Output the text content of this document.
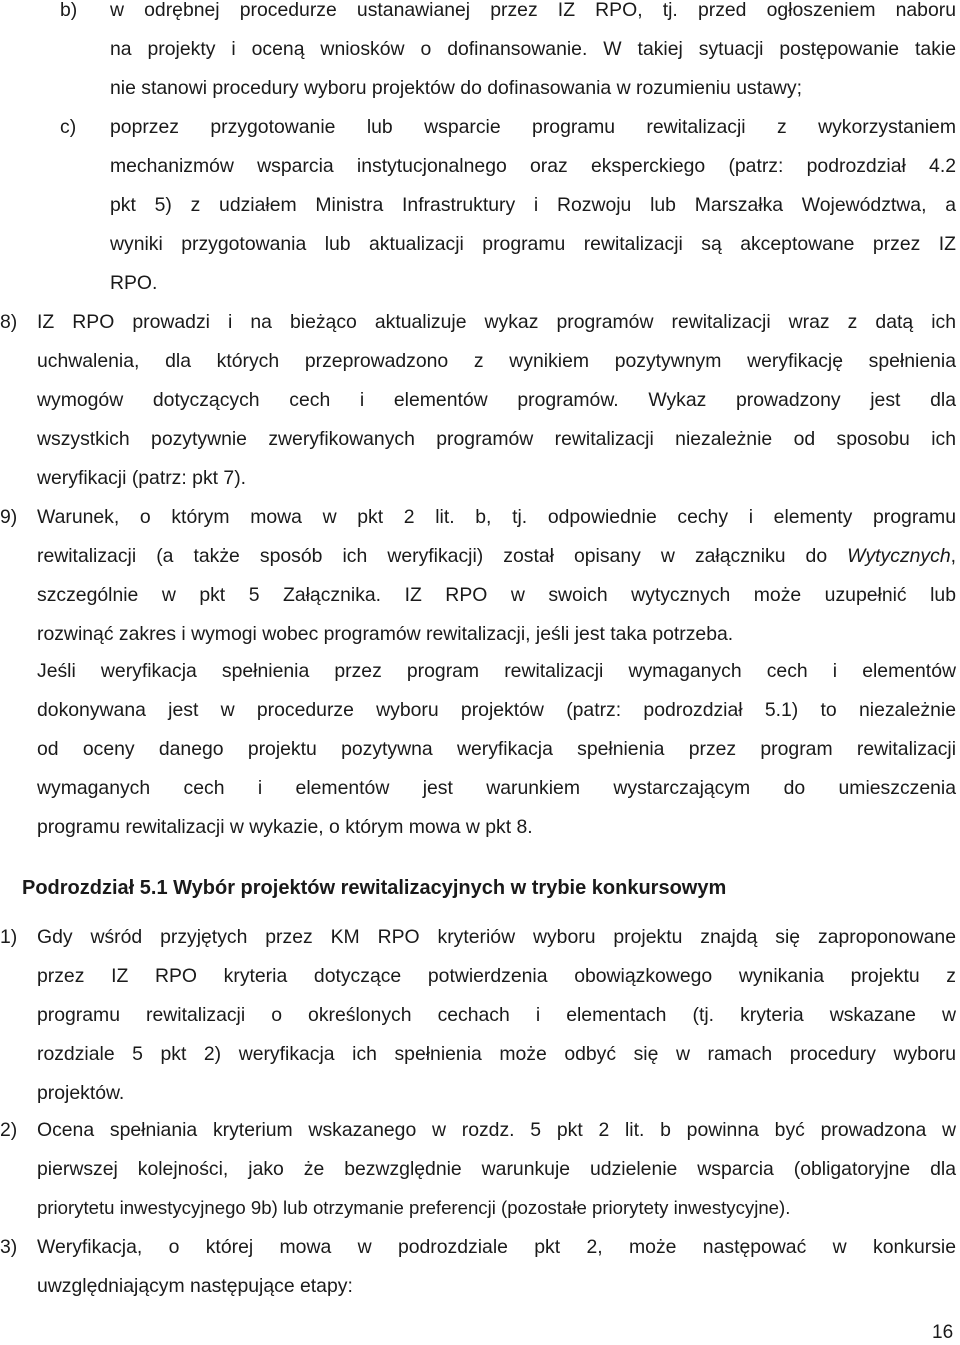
b) w odrębnej procedurze ustanawianej przez IZ RPO, tj. przed ogłoszeniem naboru
na projekty i oceną wniosków o dofinansowanie. W takiej sytuacji postępowanie takie
nie stanowi procedury wyboru projektów do dofinasowania w rozumieniu ustawy;
c) poprzez przygotowanie lub wsparcie programu rewitalizacji z wykorzystaniem
mechanizmów wsparcia instytucjonalnego oraz eksperckiego (patrz: podrozdział 4.2
pkt 5) z udziałem Ministra Infrastruktury i Rozwoju lub Marszałka Województwa, a
wyniki przygotowania lub aktualizacji programu rewitalizacji są akceptowane przez IZ
RPO.
8) IZ RPO prowadzi i na bieżąco aktualizuje wykaz programów rewitalizacji wraz z datą ich
uchwalenia, dla których przeprowadzono z wynikiem pozytywnym weryfikację spełnienia
wymogów dotyczących cech i elementów programów. Wykaz prowadzony jest dla
wszystkich pozytywnie zweryfikowanych programów rewitalizacji niezależnie od sposobu ich
weryfikacji (patrz: pkt 7).
9) Warunek, o którym mowa w pkt 2 lit. b, tj. odpowiednie cechy i elementy programu
rewitalizacji (a także sposób ich weryfikacji) został opisany w załączniku do Wytycznych,
szczególnie w pkt 5 Załącznika. IZ RPO w swoich wytycznych może uzupełnić lub
rozwinąć zakres i wymogi wobec programów rewitalizacji, jeśli jest taka potrzeba.
Jeśli weryfikacja spełnienia przez program rewitalizacji wymaganych cech i elementów
dokonywana jest w procedurze wyboru projektów (patrz: podrozdział 5.1) to niezależnie
od oceny danego projektu pozytywna weryfikacja spełnienia przez program rewitalizacji
wymaganych cech i elementów jest warunkiem wystarczającym do umieszczenia
programu rewitalizacji w wykazie, o którym mowa w pkt 8.
Podrozdział 5.1 Wybór projektów rewitalizacyjnych w trybie konkursowym
1) Gdy wśród przyjętych przez KM RPO kryteriów wyboru projektu znajdą się zaproponowane
przez IZ RPO kryteria dotyczące potwierdzenia obowiązkowego wynikania projektu z
programu rewitalizacji o określonych cechach i elementach (tj. kryteria wskazane w
rozdziale 5 pkt 2) weryfikacja ich spełnienia może odbyć się w ramach procedury wyboru
projektów.
2) Ocena spełniania kryterium wskazanego w rozdz. 5 pkt 2 lit. b powinna być prowadzona w
pierwszej kolejności, jako że bezwzględnie warunkuje udzielenie wsparcia (obligatoryjne dla
priorytetu inwestycyjnego 9b) lub otrzymanie preferencji (pozostałe priorytety inwestycyjne).
3) Weryfikacja, o której mowa w podrozdziale pkt 2, może następować w konkursie
uwzględniającym następujące etapy:
16
